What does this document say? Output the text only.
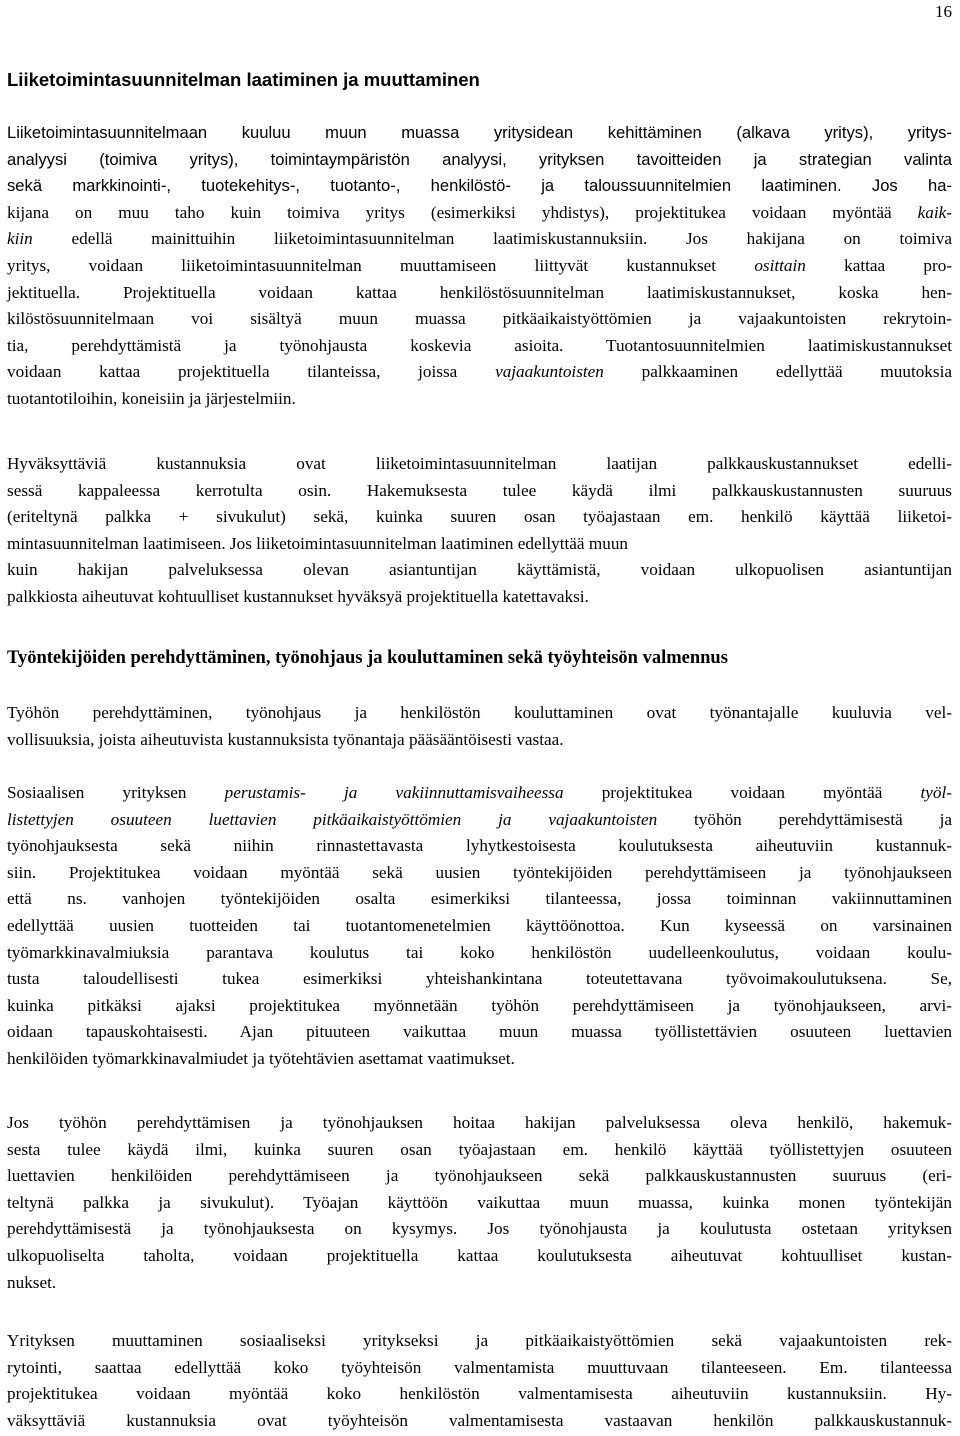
16
Liiketoimintasuunnitelman laatiminen ja muuttaminen
Liiketoimintasuunnitelmaan kuuluu muun muassa yritysidean kehittäminen (alkava yritys), yritys-
analyysi (toimiva yritys), toimintaympäristön analyysi, yrityksen tavoitteiden ja strategian valinta
sekä markkinointi-, tuotekehitys-, tuotanto-, henkilöstö- ja taloussuunnitelmien laatiminen. Jos ha-
kijana on muu taho kuin toimiva yritys (esimerkiksi yhdistys), projektitukea voidaan myöntää kaik-
kiin edellä mainittuihin liiketoimintasuunnitelman laatimiskustannuksiin. Jos hakijana on toimiva
yritys, voidaan liiketoimintasuunnitelman muuttamiseen liittyvät kustannukset osittain kattaa pro-
jektituella. Projektituella voidaan kattaa henkilöstösuunnitelman laatimiskustannukset, koska hen-
kilöstösuunnitelmaan voi sisältyä muun muassa pitkäaikaistyöttömien ja vajaakuntoisten rekrytoin-
tia, perehdyttämistä ja työnohjausta koskevia asioita. Tuotantosuunnitelmien laatimiskustannukset
voidaan kattaa projektituella tilanteissa, joissa vajaakuntoisten palkkaaminen edellyttää muutoksia
tuotantotiloihin, koneisiin ja järjestelmiin.
Hyväksyttäviä kustannuksia ovat liiketoimintasuunnitelman laatijan palkkauskustannukset edelli-
sessä kappaleessa kerrotulta osin. Hakemuksesta tulee käydä ilmi palkkauskustannusten suuruus
(eriteltynä palkka + sivukulut) sekä, kuinka suuren osan työajastaan em. henkilö käyttää liiketoi-
mintasuunnitelman laatimiseen. Jos liiketoimintasuunnitelman laatiminen edellyttää muun
kuin hakijan palveluksessa olevan asiantuntijan käyttämistä, voidaan ulkopuolisen asiantuntijan
palkkiosta aiheutuvat kohtuulliset kustannukset hyväksyä projektituella katettavaksi.
Työntekijöiden perehdyttäminen, työnohjaus ja kouluttaminen sekä työyhteisön valmennus
Työhön perehdyttäminen, työnohjaus ja henkilöstön kouluttaminen ovat työnantajalle kuuluvia vel-
vollisuuksia, joista aiheutuvista kustannuksista työnantaja pääsääntöisesti vastaa.
Sosiaalisen yrityksen perustamis- ja vakiinnuttamisvaiheessa projektitukea voidaan myöntää työl-
listettyjen osuuteen luettavien pitkäaikaistyöttömien ja vajaakuntoisten työhön perehdyttämisestä ja
työnohjauksesta sekä niihin rinnastettavasta lyhytkestoisesta koulutuksesta aiheutuviin kustannuk-
siin. Projektitukea voidaan myöntää sekä uusien työntekijöiden perehdyttämiseen ja työnohjaukseen
että ns. vanhojen työntekijöiden osalta esimerkiksi tilanteessa, jossa toiminnan vakiinnuttaminen
edellyttää uusien tuotteiden tai tuotantomenetelmien käyttöönottoa. Kun kyseessä on varsinainen
työmarkkinavalmiuksia parantava koulutus tai koko henkilöstön uudelleenkoulutus, voidaan koulu-
tusta taloudellisesti tukea esimerkiksi yhteishankintana toteutettavana työvoimakoulutuksena. Se,
kuinka pitkäksi ajaksi projektitukea myönnetään työhön perehdyttämiseen ja työnohjaukseen, arvi-
oidaan tapauskohtaisesti. Ajan pituuteen vaikuttaa muun muassa työllistettävien osuuteen luettavien
henkilöiden työmarkkinavalmiudet ja työtehtävien asettamat vaatimukset.
Jos työhön perehdyttämisen ja työnohjauksen hoitaa hakijan palveluksessa oleva henkilö, hakemuk-
sesta tulee käydä ilmi, kuinka suuren osan työajastaan em. henkilö käyttää työllistettyjen osuuteen
luettavien henkilöiden perehdyttämiseen ja työnohjaukseen sekä palkkauskustannusten suuruus (eri-
teltynä palkka ja sivukulut). Työajan käyttöön vaikuttaa muun muassa, kuinka monen työntekijän
perehdyttämisestä ja työnohjauksesta on kysymys. Jos työnohjausta ja koulutusta ostetaan yrityksen
ulkopuoliselta taholta, voidaan projektituella kattaa koulutuksesta aiheutuvat kohtuulliset kustan-
nukset.
Yrityksen muuttaminen sosiaaliseksi yritykseksi ja pitkäaikaistyöttömien sekä vajaakuntoisten rek-
rytointi, saattaa edellyttää koko työyhteisön valmentamista muuttuvaan tilanteeseen. Em. tilanteessa
projektitukea voidaan myöntää koko henkilöstön valmentamisesta aiheutuviin kustannuksiin. Hy-
väksyttäviä kustannuksia ovat työyhteisön valmentamisesta vastaavan henkilön palkkauskustannuk-
